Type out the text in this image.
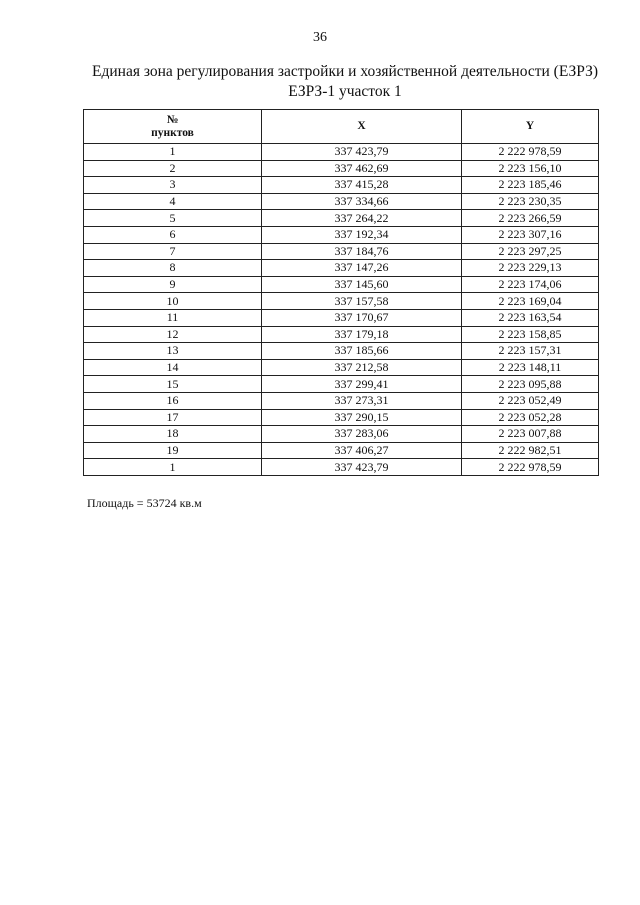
36
Единая зона регулирования застройки и хозяйственной деятельности (ЕЗРЗ)
ЕЗРЗ-1 участок 1
№
пунктов	X	Y
1	337 423,79	2 222 978,59
2	337 462,69	2 223 156,10
3	337 415,28	2 223 185,46
4	337 334,66	2 223 230,35
5	337 264,22	2 223 266,59
6	337 192,34	2 223 307,16
7	337 184,76	2 223 297,25
8	337 147,26	2 223 229,13
9	337 145,60	2 223 174,06
10	337 157,58	2 223 169,04
11	337 170,67	2 223 163,54
12	337 179,18	2 223 158,85
13	337 185,66	2 223 157,31
14	337 212,58	2 223 148,11
15	337 299,41	2 223 095,88
16	337 273,31	2 223 052,49
17	337 290,15	2 223 052,28
18	337 283,06	2 223 007,88
19	337 406,27	2 222 982,51
1	337 423,79	2 222 978,59
Площадь = 53724 кв.м
